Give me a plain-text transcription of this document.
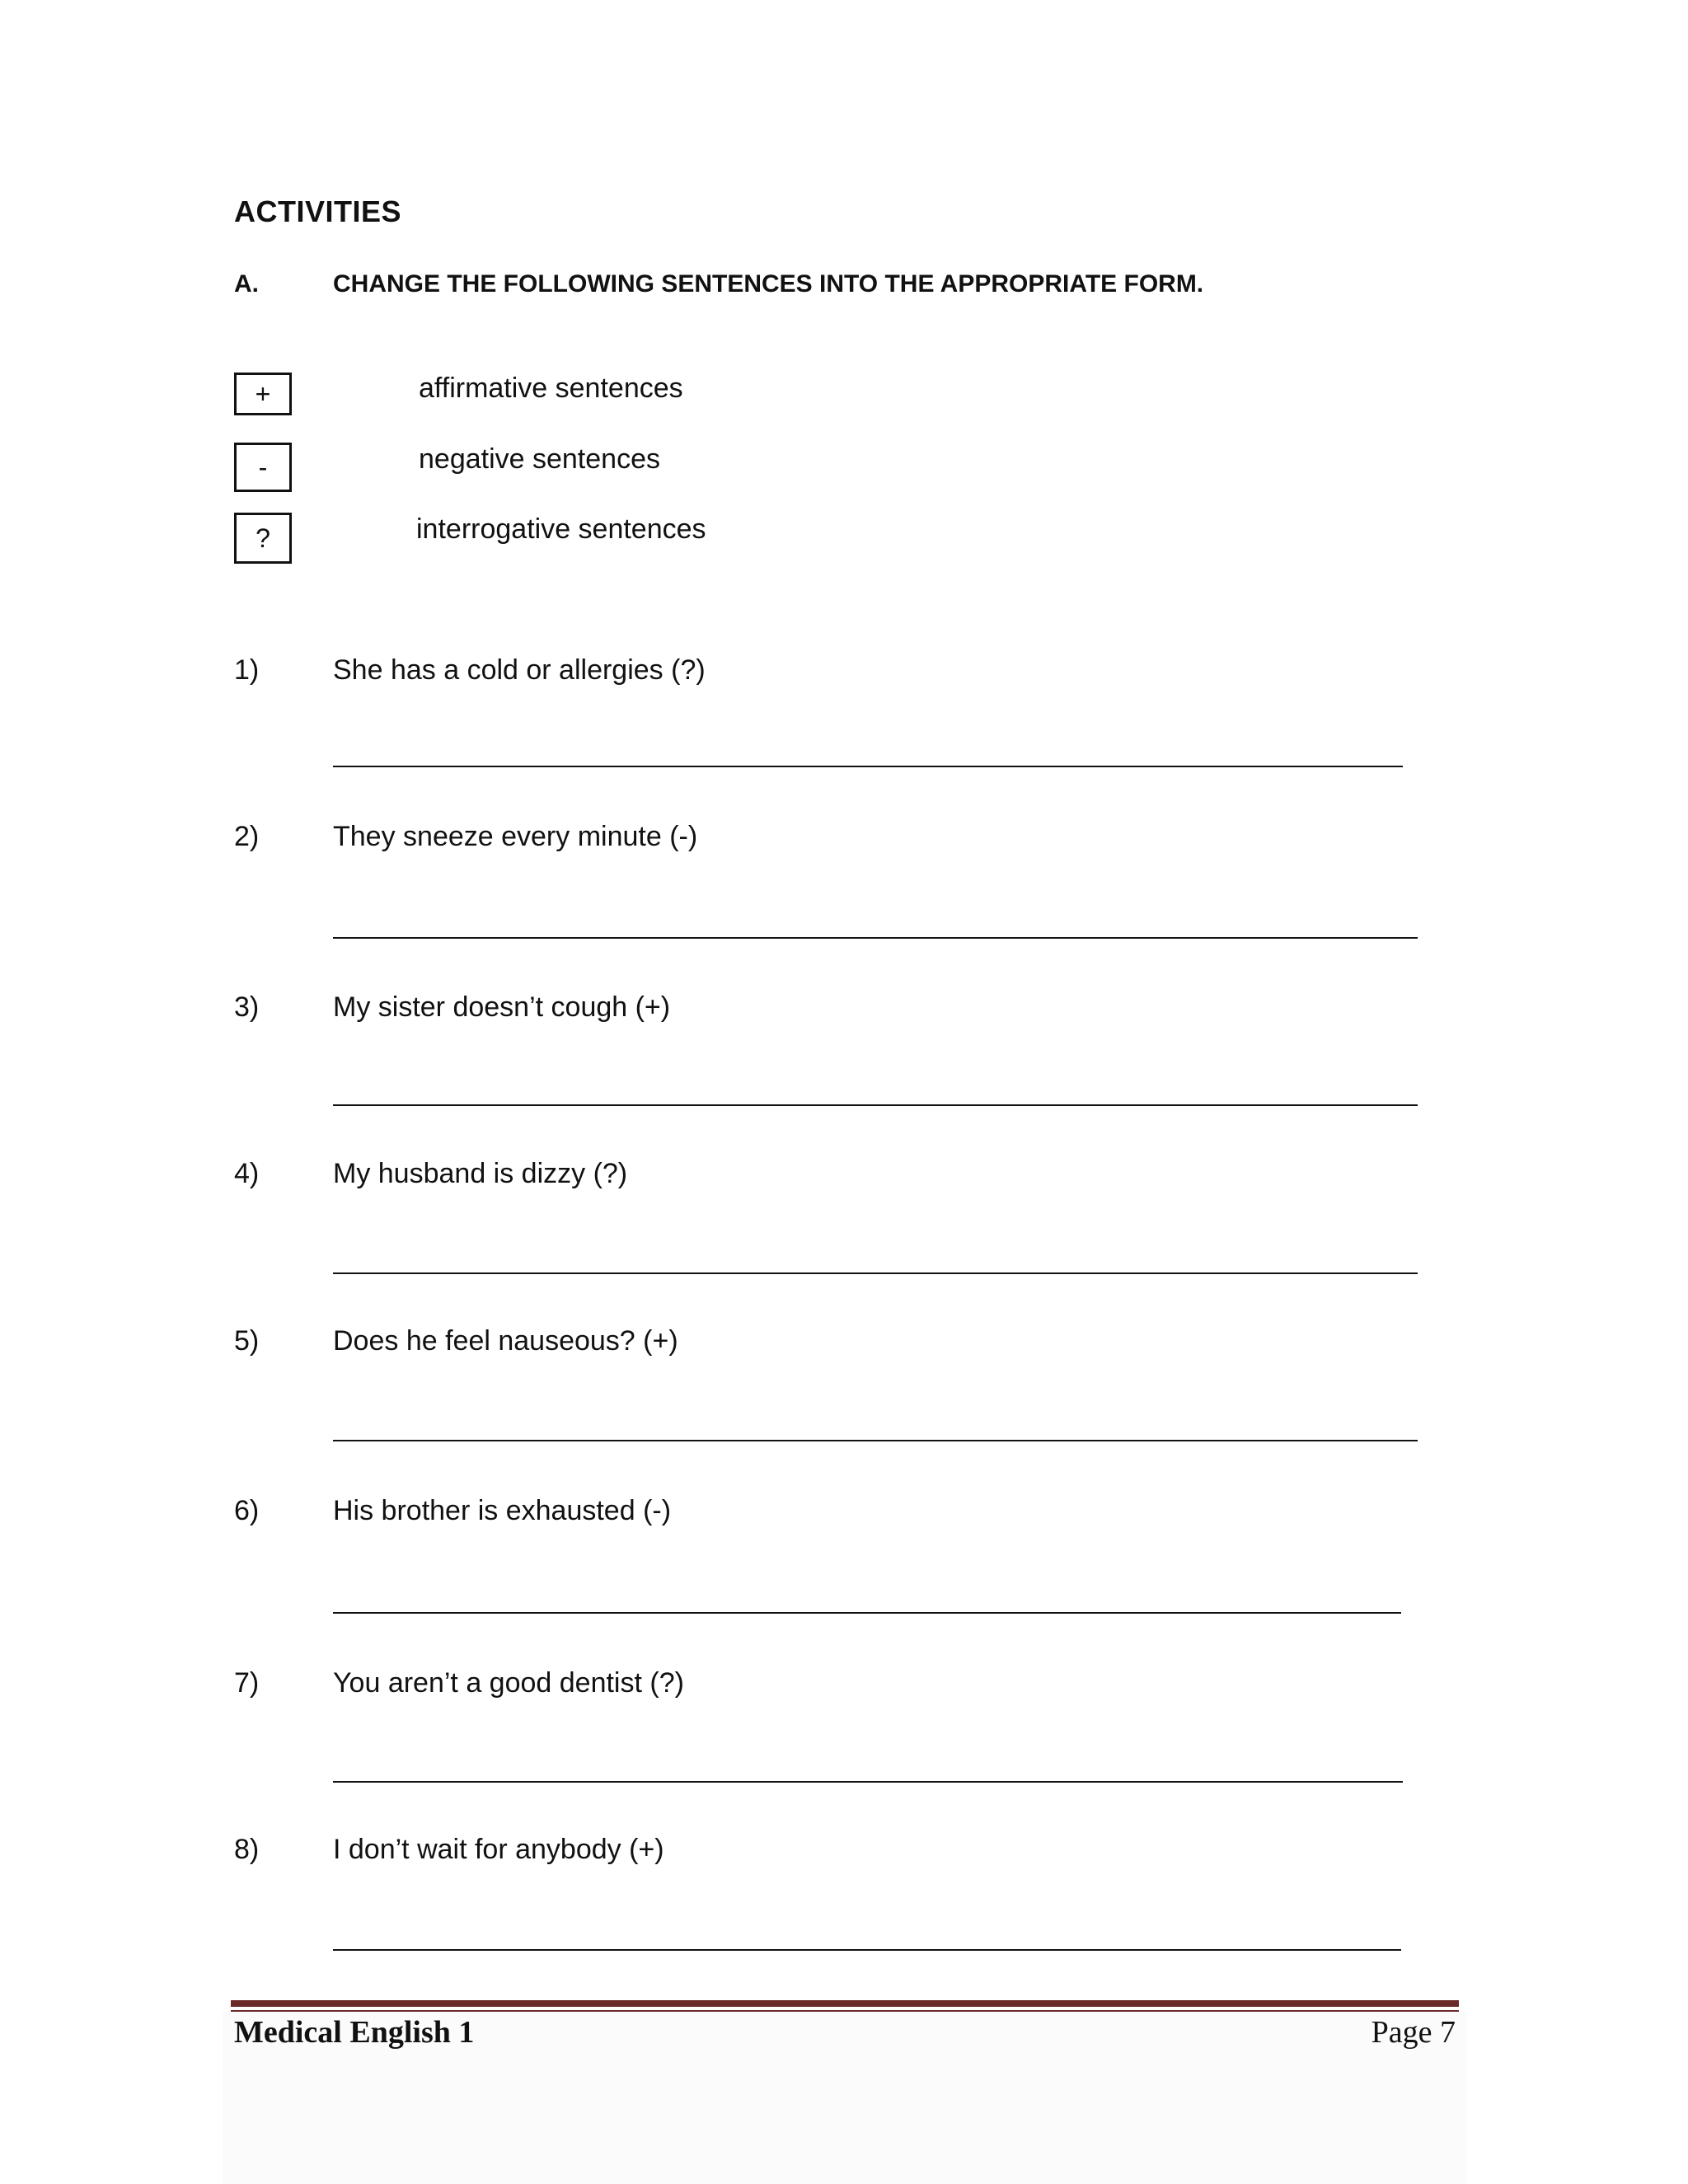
ACTIVITIES
A.	CHANGE THE FOLLOWING SENTENCES INTO THE APPROPRIATE FORM.
+	affirmative sentences
-	negative sentences
?	interrogative sentences
1)	She has a cold or allergies (?)
2)	They sneeze every minute (-)
3)	My sister doesn’t cough (+)
4)	My husband is dizzy (?)
5)	Does he feel nauseous? (+)
6)	His brother is exhausted (-)
7)	You aren’t a good dentist (?)
8)	I don’t wait for anybody (+)
Medical English 1	Page 7
